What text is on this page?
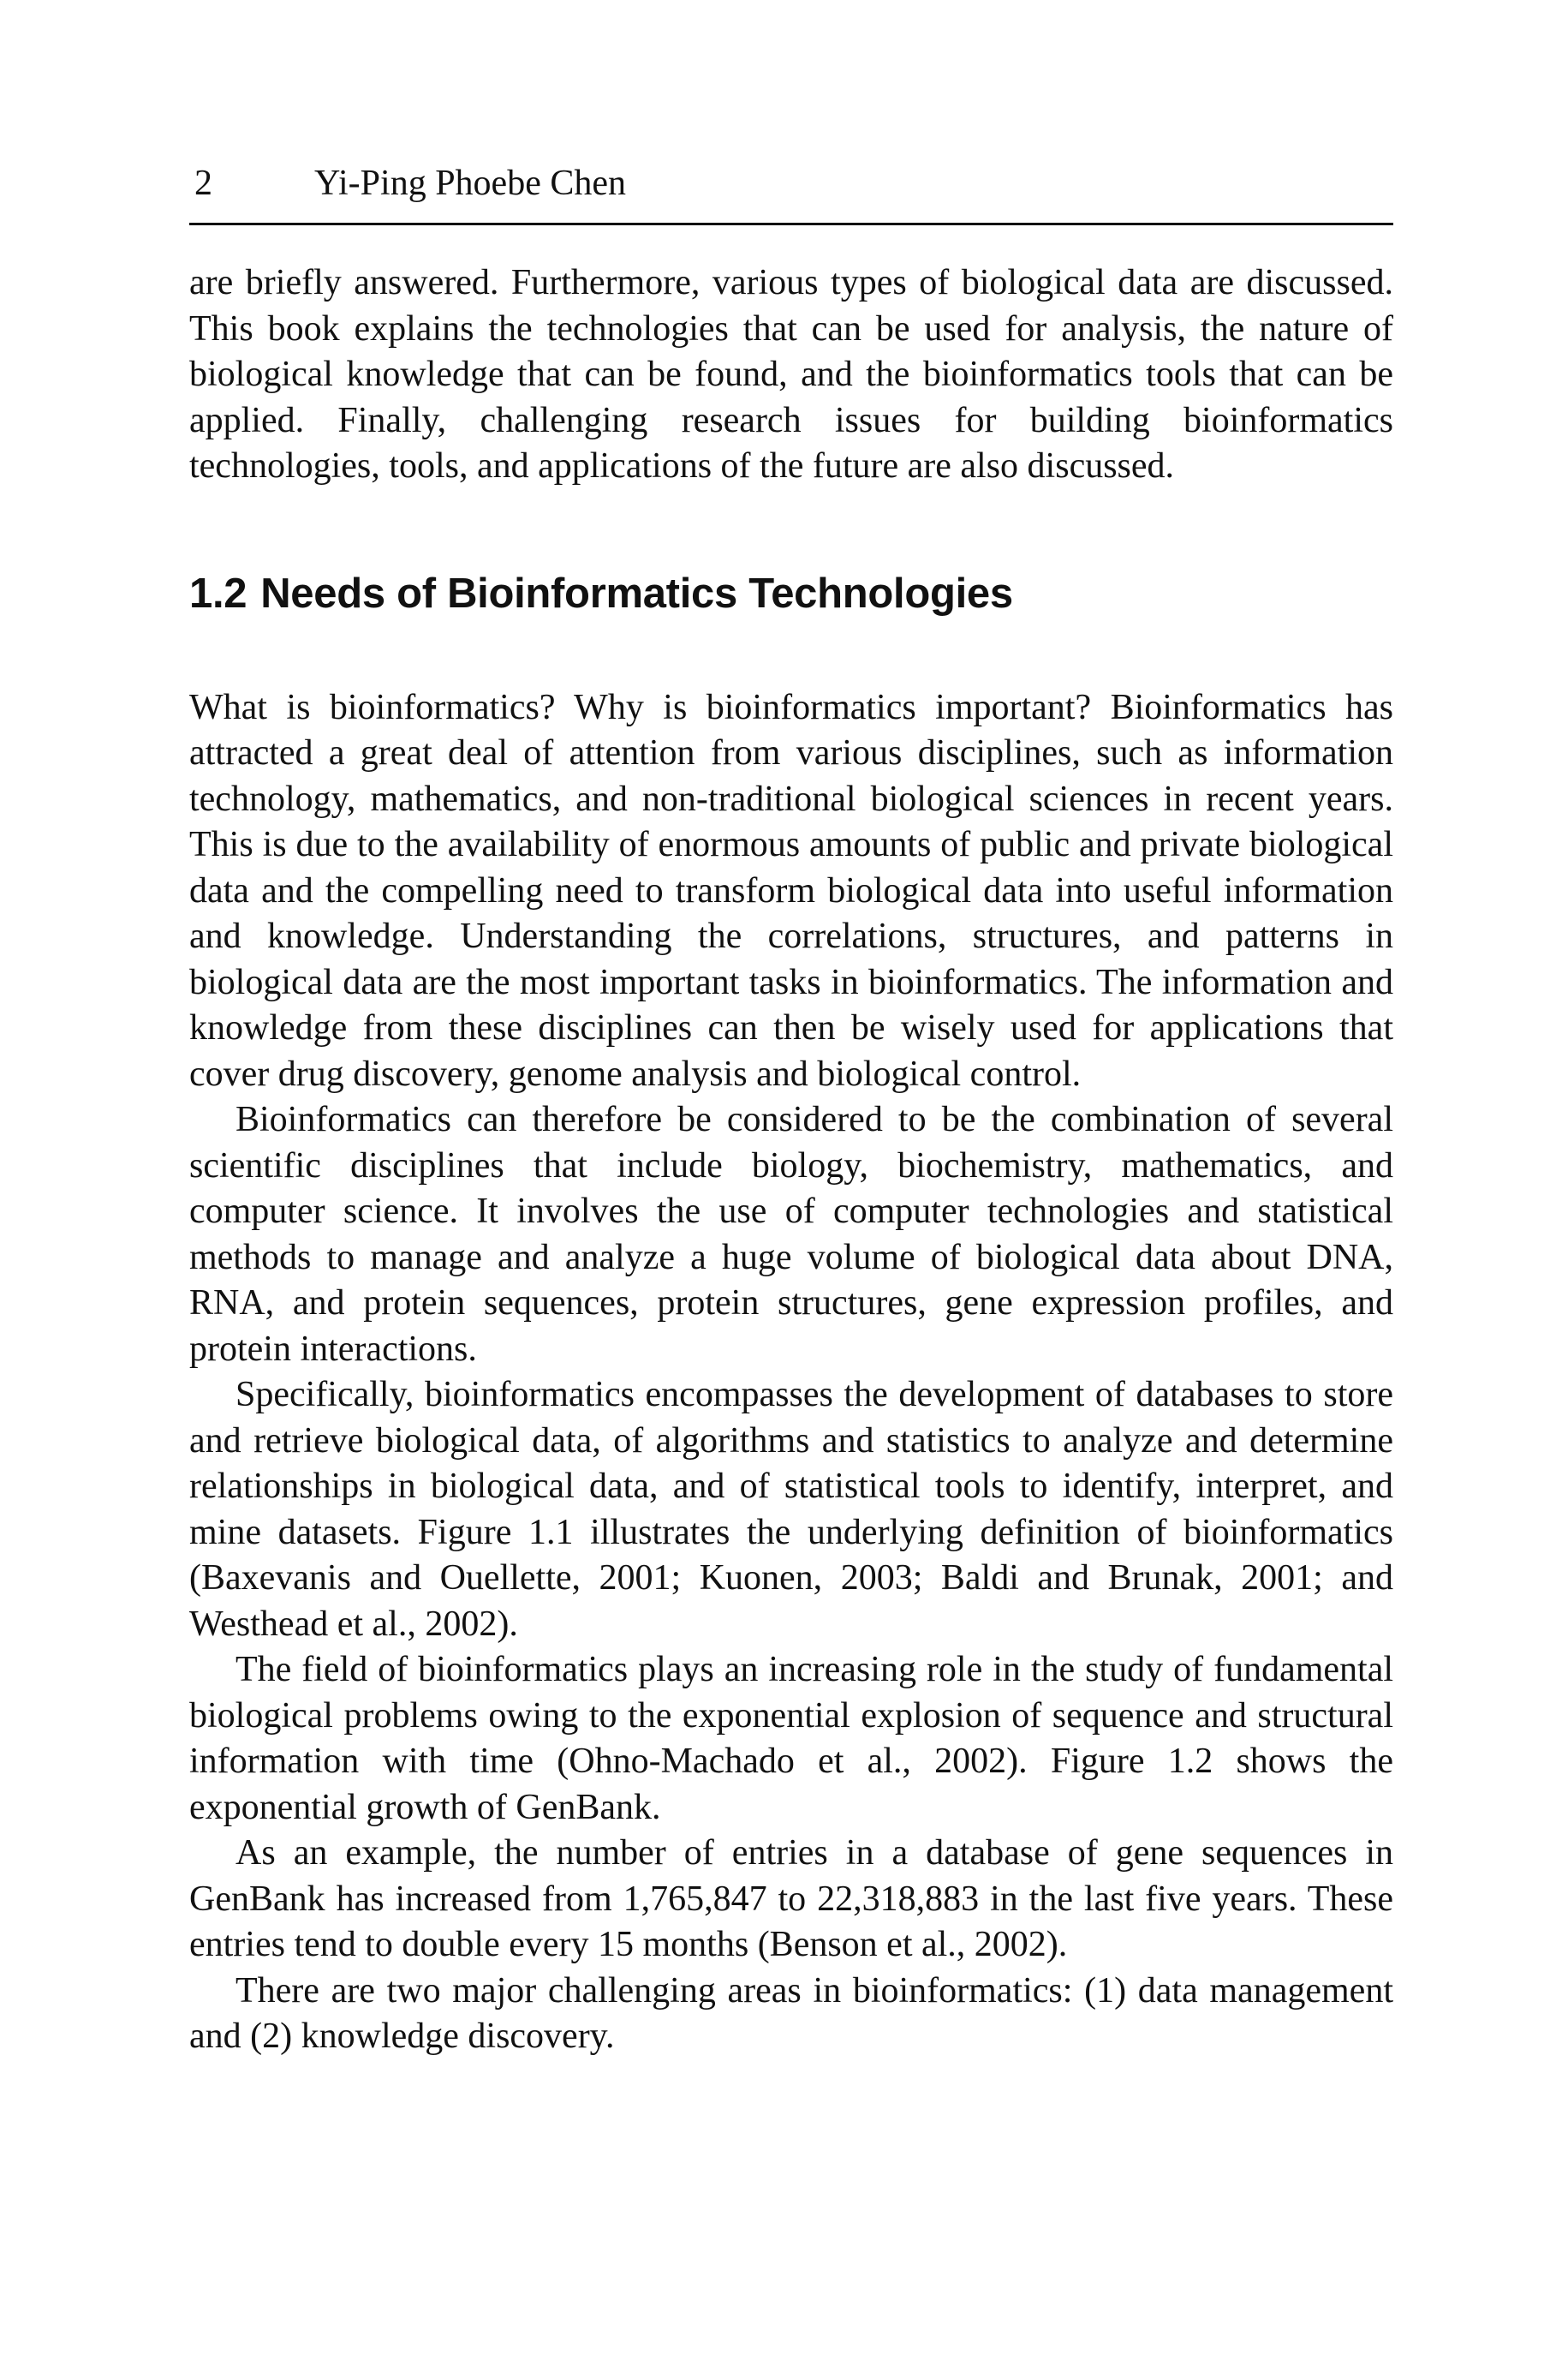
2	Yi-Ping Phoebe Chen

are briefly answered. Furthermore, various types of biological data are discussed. This book explains the technologies that can be used for analysis, the nature of biological knowledge that can be found, and the bioinformatics tools that can be applied. Finally, challenging research issues for building bioinformatics technologies, tools, and applications of the future are also discussed.

1.2 Needs of Bioinformatics Technologies

What is bioinformatics? Why is bioinformatics important? Bioinformatics has attracted a great deal of attention from various disciplines, such as information technology, mathematics, and non-traditional biological sciences in recent years. This is due to the availability of enormous amounts of public and private biological data and the compelling need to transform biological data into useful information and knowledge. Understanding the correlations, structures, and patterns in biological data are the most important tasks in bioinformatics. The information and knowledge from these disciplines can then be wisely used for applications that cover drug discovery, genome analysis and biological control.

Bioinformatics can therefore be considered to be the combination of several scientific disciplines that include biology, biochemistry, mathematics, and computer science. It involves the use of computer technologies and statistical methods to manage and analyze a huge volume of biological data about DNA, RNA, and protein sequences, protein structures, gene expression profiles, and protein interactions.

Specifically, bioinformatics encompasses the development of databases to store and retrieve biological data, of algorithms and statistics to analyze and determine relationships in biological data, and of statistical tools to identify, interpret, and mine datasets. Figure 1.1 illustrates the underlying definition of bioinformatics (Baxevanis and Ouellette, 2001; Kuonen, 2003; Baldi and Brunak, 2001; and Westhead et al., 2002).

The field of bioinformatics plays an increasing role in the study of fundamental biological problems owing to the exponential explosion of sequence and structural information with time (Ohno-Machado et al., 2002). Figure 1.2 shows the exponential growth of GenBank.

As an example, the number of entries in a database of gene sequences in GenBank has increased from 1,765,847 to 22,318,883 in the last five years. These entries tend to double every 15 months (Benson et al., 2002).

There are two major challenging areas in bioinformatics: (1) data management and (2) knowledge discovery.
